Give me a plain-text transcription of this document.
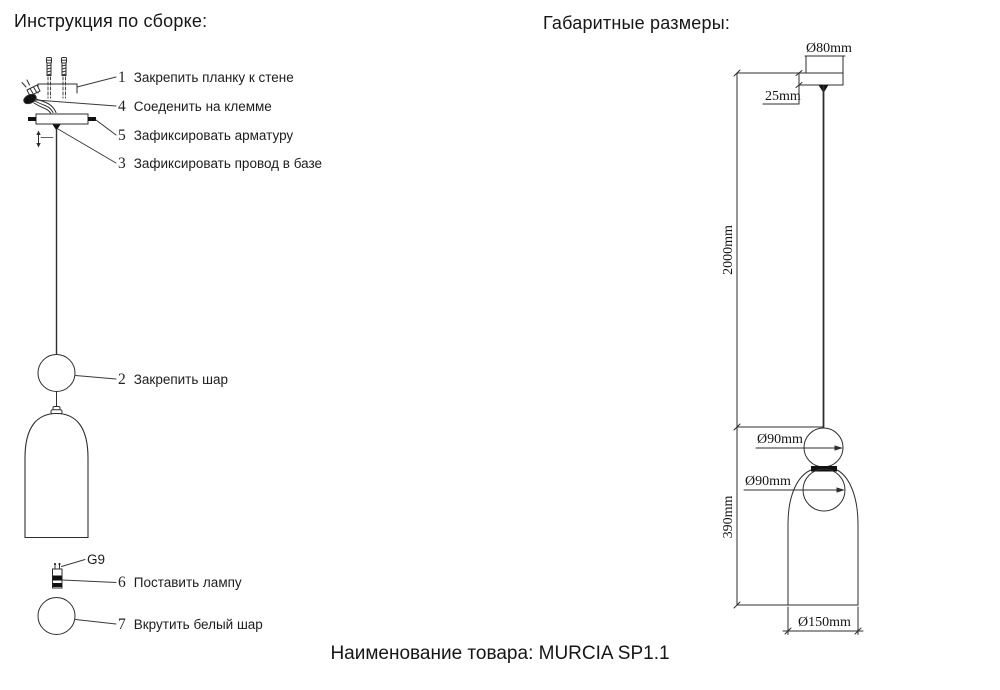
Инструкция по сборке:	Габаритные размеры:
1 Закрепить планку к стене
4 Соеденить на клемме
5 Зафиксировать арматуру
3 Зафиксировать провод в базе
2 Закрепить шар
6 Поставить лампу
7 Вкрутить белый шар
G9
Ø80mm
25mm
2000mm
Ø90mm
Ø90mm
390mm
Ø150mm
Наименование товара: MURCIA SP1.1
